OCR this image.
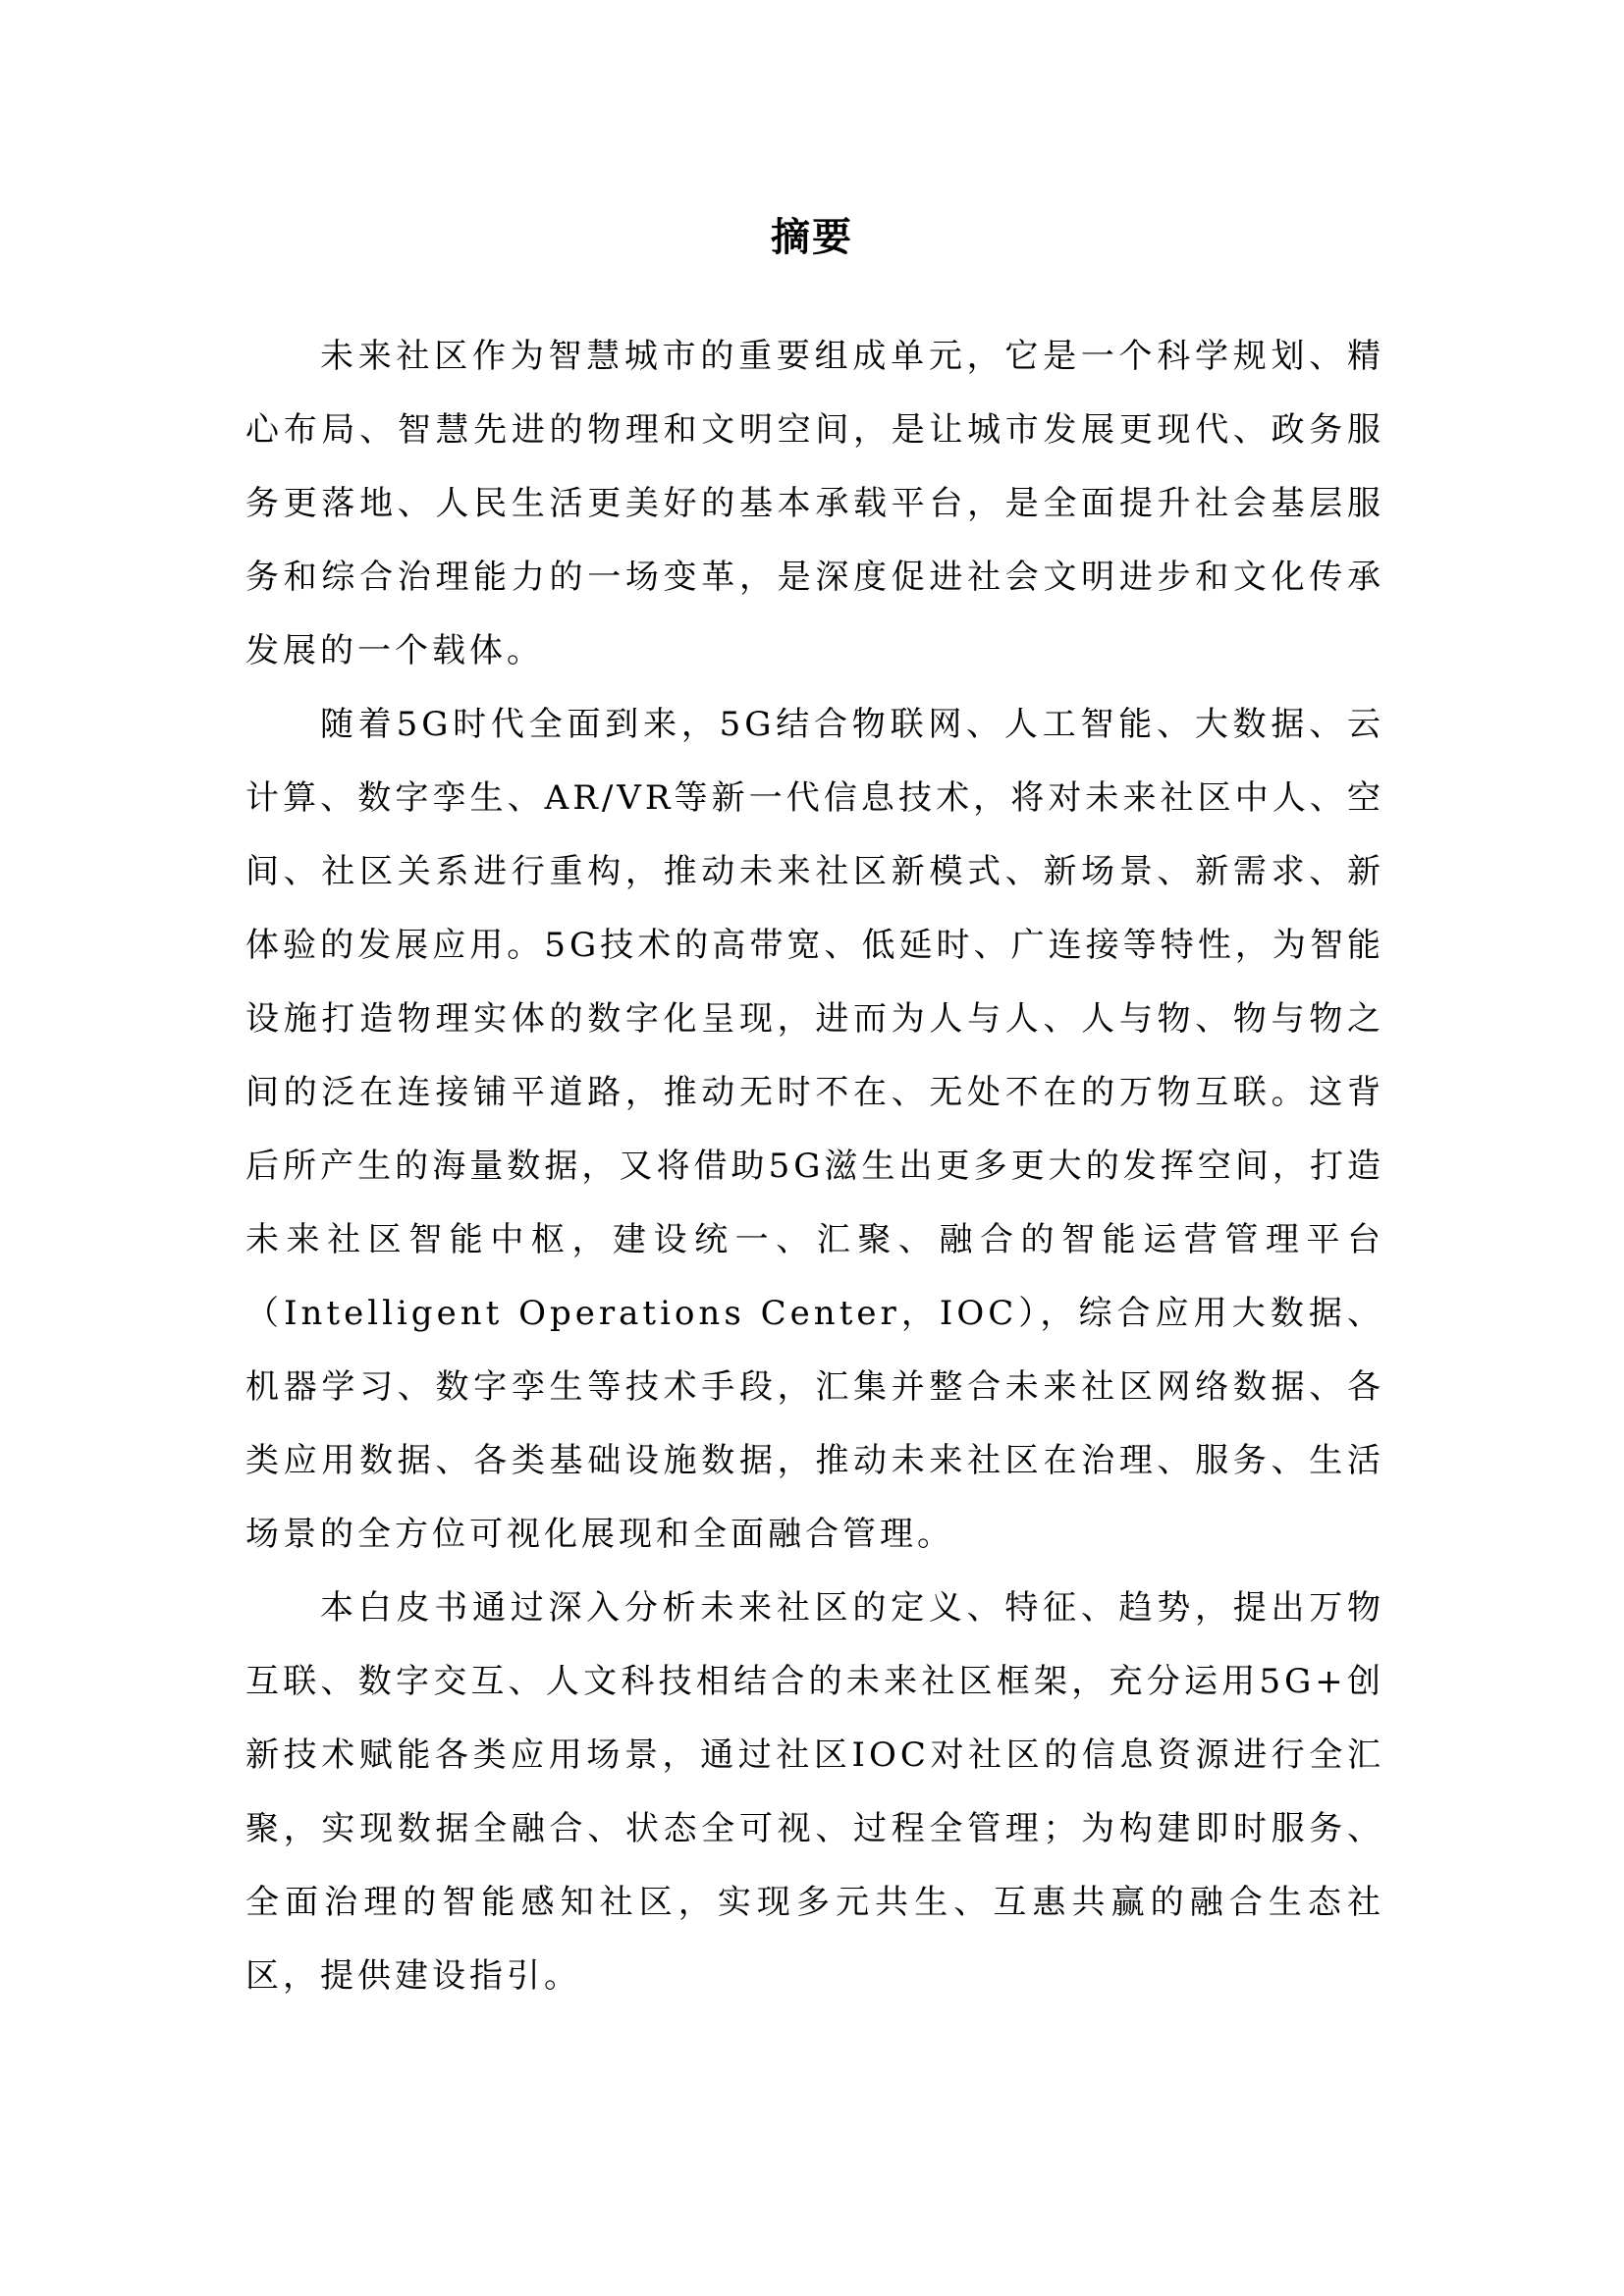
摘要

未来社区作为智慧城市的重要组成单元，它是一个科学规划、精心布局、智慧先进的物理和文明空间，是让城市发展更现代、政务服务更落地、人民生活更美好的基本承载平台，是全面提升社会基层服务和综合治理能力的一场变革，是深度促进社会文明进步和文化传承发展的一个载体。

随着5G时代全面到来，5G结合物联网、人工智能、大数据、云计算、数字孪生、AR/VR等新一代信息技术，将对未来社区中人、空间、社区关系进行重构，推动未来社区新模式、新场景、新需求、新体验的发展应用。5G技术的高带宽、低延时、广连接等特性，为智能设施打造物理实体的数字化呈现，进而为人与人、人与物、物与物之间的泛在连接铺平道路，推动无时不在、无处不在的万物互联。这背后所产生的海量数据，又将借助5G滋生出更多更大的发挥空间，打造未来社区智能中枢，建设统一、汇聚、融合的智能运营管理平台（Intelligent Operations Center，IOC），综合应用大数据、机器学习、数字孪生等技术手段，汇集并整合未来社区网络数据、各类应用数据、各类基础设施数据，推动未来社区在治理、服务、生活场景的全方位可视化展现和全面融合管理。

本白皮书通过深入分析未来社区的定义、特征、趋势，提出万物互联、数字交互、人文科技相结合的未来社区框架，充分运用5G+创新技术赋能各类应用场景，通过社区IOC对社区的信息资源进行全汇聚，实现数据全融合、状态全可视、过程全管理；为构建即时服务、全面治理的智能感知社区，实现多元共生、互惠共赢的融合生态社区，提供建设指引。
